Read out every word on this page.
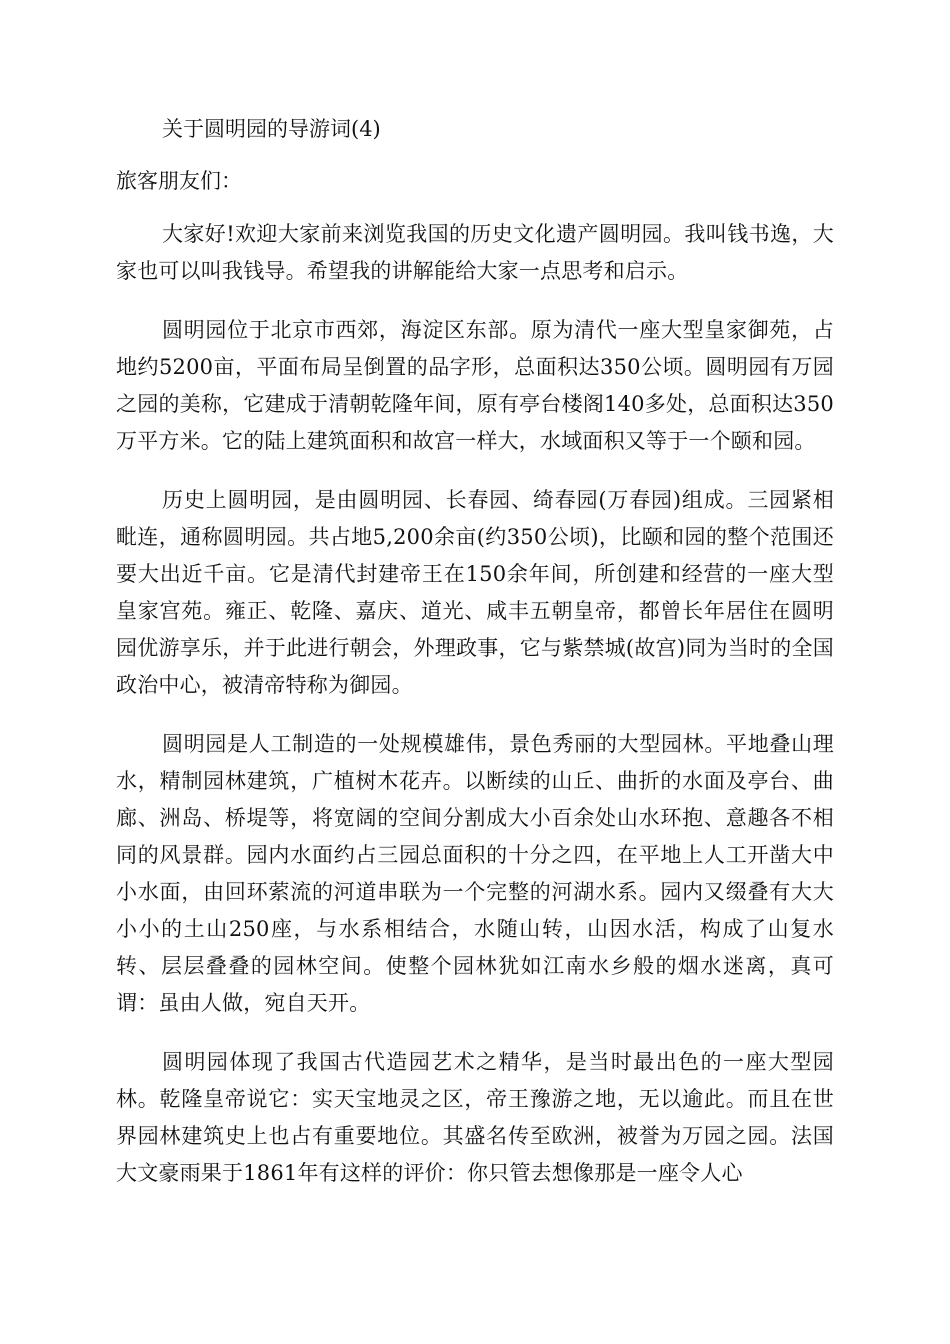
关于圆明园的导游词(4)

旅客朋友们：

大家好!欢迎大家前来浏览我国的历史文化遗产圆明园。我叫钱书逸，大家也可以叫我钱导。希望我的讲解能给大家一点思考和启示。

圆明园位于北京市西郊，海淀区东部。原为清代一座大型皇家御苑，占地约5200亩，平面布局呈倒置的品字形，总面积达350公顷。圆明园有万园之园的美称，它建成于清朝乾隆年间，原有亭台楼阁140多处，总面积达350万平方米。它的陆上建筑面积和故宫一样大，水域面积又等于一个颐和园。

历史上圆明园，是由圆明园、长春园、绮春园(万春园)组成。三园紧相毗连，通称圆明园。共占地5,200余亩(约350公顷)，比颐和园的整个范围还要大出近千亩。它是清代封建帝王在150余年间，所创建和经营的一座大型皇家宫苑。雍正、乾隆、嘉庆、道光、咸丰五朝皇帝，都曾长年居住在圆明园优游享乐，并于此进行朝会，外理政事，它与紫禁城(故宫)同为当时的全国政治中心，被清帝特称为御园。

圆明园是人工制造的一处规模雄伟，景色秀丽的大型园林。平地叠山理水，精制园林建筑，广植树木花卉。以断续的山丘、曲折的水面及亭台、曲廊、洲岛、桥堤等，将宽阔的空间分割成大小百余处山水环抱、意趣各不相同的风景群。园内水面约占三园总面积的十分之四，在平地上人工开凿大中小水面，由回环萦流的河道串联为一个完整的河湖水系。园内又缀叠有大大小小的土山250座，与水系相结合，水随山转，山因水活，构成了山复水转、层层叠叠的园林空间。使整个园林犹如江南水乡般的烟水迷离，真可谓：虽由人做，宛自天开。

圆明园体现了我国古代造园艺术之精华，是当时最出色的一座大型园林。乾隆皇帝说它：实天宝地灵之区，帝王豫游之地，无以逾此。而且在世界园林建筑史上也占有重要地位。其盛名传至欧洲，被誉为万园之园。法国大文豪雨果于1861年有这样的评价：你只管去想像那是一座令人心
